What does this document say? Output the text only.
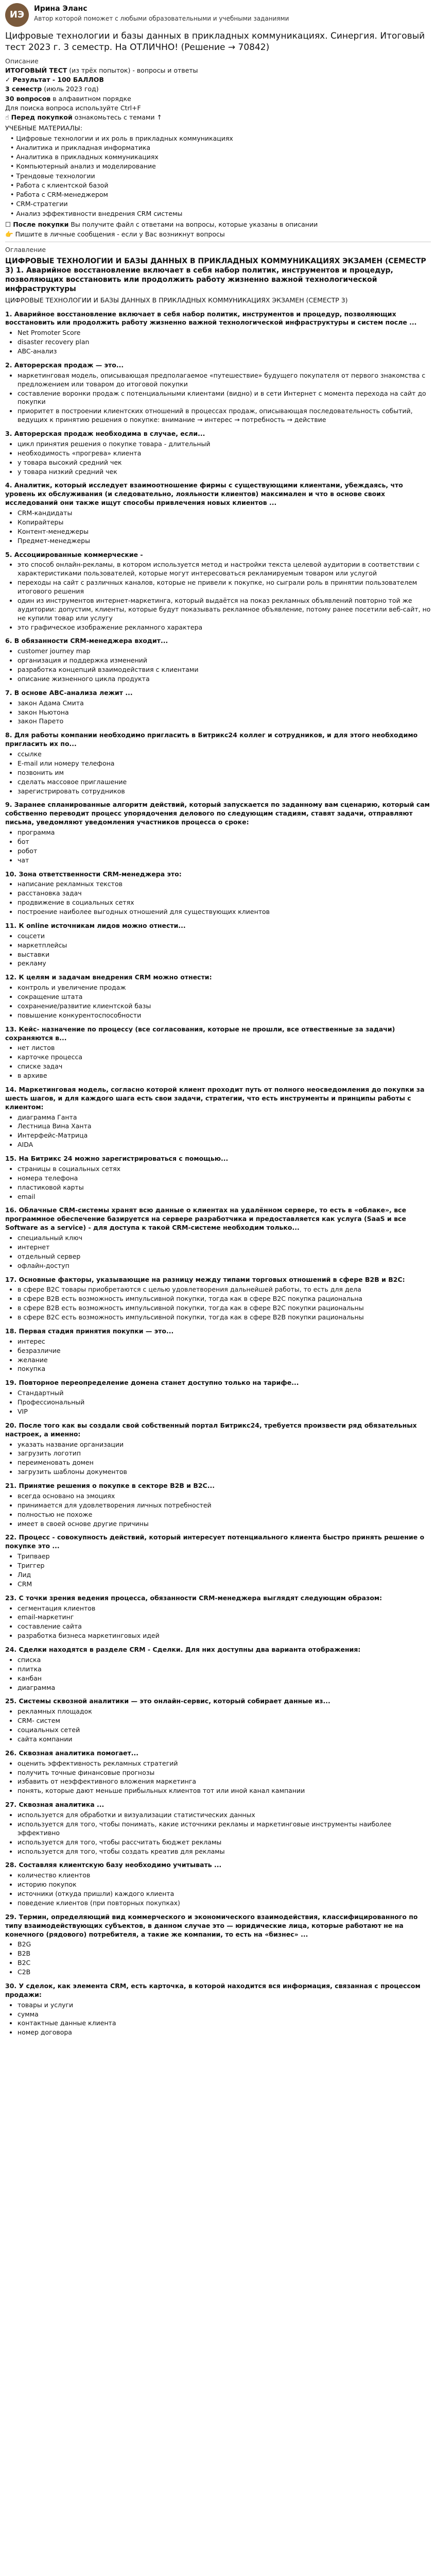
ИЭ
Ирина Эланс
Автор которой поможет с любыми образовательными и учебными заданиями
Цифровые технологии и базы данных в прикладных коммуникациях. Синергия. Итоговый тест 2023 г. 3 семестр. На ОТЛИЧНО! (Решение → 70842)
Описание
ИТОГОВЫЙ ТЕСТ (из трёх попыток) - вопросы и ответы
✓ Результат - 100 БАЛЛОВ
3 семестр (июль 2023 год)
30 вопросов в алфавитном порядке
Для поиска вопроса используйте Ctrl+F
☝ Перед покупкой ознакомьтесь с темами ↑
УЧЕБНЫЕ МАТЕРИАЛЫ:
• Цифровые технологии и их роль в прикладных коммуникациях
• Аналитика и прикладная информатика
• Аналитика в прикладных коммуникациях
• Компьютерный анализ и моделирование
• Трендовые технологии
• Работа с клиентской базой
• Работа с CRM-менеджером
• CRM-стратегии
• Анализ эффективности внедрения CRM системы
☐ После покупки Вы получите файл с ответами на вопросы, которые указаны в описании
👉 Пишите в личные сообщения - если у Вас возникнут вопросы
Оглавление
ЦИФРОВЫЕ ТЕХНОЛОГИИ И БАЗЫ ДАННЫХ В ПРИКЛАДНЫХ КОММУНИКАЦИЯХ ЭКЗАМЕН (СЕМЕСТР 3) 1. Аварийное восстановление включает в себя набор политик, инструментов и процедур, позволяющих восстановить или продолжить работу жизненно важной технологической инфраструктуры
ЦИФРОВЫЕ ТЕХНОЛОГИИ И БАЗЫ ДАННЫХ В ПРИКЛАДНЫХ КОММУНИКАЦИЯХ ЭКЗАМЕН (СЕМЕСТР 3)
1. Аварийное восстановление включает в себя набор политик, инструментов и процедур, позволяющих восстановить или продолжить работу жизненно важной технологической инфраструктуры и систем после ...
• Net Promoter Score
• disaster recovery plan
• ABC-анализ
2. Авторерская продаж — это...
• маркетинговая модель, описывающая предполагаемое «путешествие» будущего покупателя от первого знакомства с предложением или товаром до итоговой покупки
• составление воронки продаж с потенциальными клиентами (видно) и в сети Интернет с момента перехода на сайт до покупки
• приоритет в построении клиентских отношений в процессах продаж, описывающая последовательность событий, ведущих к принятию решения о покупке: внимание → интерес → потребность → действие
3. Авторерская продаж необходима в случае, если...
• цикл принятия решения о покупке товара - длительный
• необходимость «прогрева» клиента
• у товара высокий средний чек
• у товара низкий средний чек
4. Аналитик, который исследует взаимоотношение фирмы с существующими клиентами, убеждаясь, что уровень их обслуживания (и следовательно, лояльности клиентов) максимален и что в основе своих исследований они также ищут способы привлечения новых клиентов ...
• CRM-кандидаты
• Копирайтеры
• Контент-менеджеры
• Предмет-менеджеры
5. Ассоциированные коммерческие -
• это способ онлайн-рекламы, в котором используется метод и настройки текста целевой аудитории в соответствии с характеристиками пользователей, которые могут интересоваться рекламируемым товаром или услугой
• переходы на сайт с различных каналов, которые не привели к покупке, но сыграли роль в принятии пользователем итогового решения
• один из инструментов интернет-маркетинга, который выдаётся на показ рекламных объявлений повторно той же аудитории: допустим, клиенты, которые будут показывать рекламное объявление, потому ранее посетили веб-сайт, но не купили товар или услугу
• это графическое изображение рекламного характера
6. В обязанности CRM-менеджера входит...
• customer journey map
• организация и поддержка изменений
• разработка концепций взаимодействия с клиентами
• описание жизненного цикла продукта
7. В основе ABC-анализа лежит ...
• закон Адама Смита
• закон Ньютона
• закон Парето
8. Для работы компании необходимо пригласить в Битрикс24 коллег и сотрудников, и для этого необходимо пригласить их по...
• ссылке
• E-mail или номеру телефона
• позвонить им
• сделать массовое приглашение
• зарегистрировать сотрудников
9. Заранее спланированные алгоритм действий, который запускается по заданному вам сценарию, который сам собственно переводит процесс упорядочения делового по следующим стадиям, ставят задачи, отправляют письма, уведомляют уведомления участников процесса о сроке:
• программа
• бот
• робот
• чат
10. Зона ответственности CRM-менеджера это:
• написание рекламных текстов
• расстановка задач
• продвижение в социальных сетях
• построение наиболее выгодных отношений для существующих клиентов
11. К online источникам лидов можно отнести...
• соцсети
• маркетплейсы
• выставки
• рекламу
12. К целям и задачам внедрения CRM можно отнести:
• контроль и увеличение продаж
• сокращение штата
• сохранение/развитие клиентской базы
• повышение конкурентоспособности
13. Кейс- назначение по процессу (все согласования, которые не прошли, все отвественные за задачи) сохраняются в...
• нет листов
• карточке процесса
• списке задач
• в архиве
14. Маркетинговая модель, согласно которой клиент проходит путь от полного неосведомления до покупки за шесть шагов, и для каждого шага есть свои задачи, стратегии, что есть инструменты и принципы работы с клиентом:
• диаграмма Ганта
• Лестница Вина Ханта
• Интерфейс-Матрица
• AIDA
15. На Битрикс 24 можно зарегистрироваться с помощью...
• страницы в социальных сетях
• номера телефона
• пластиковой карты
• email
16. Облачные CRM-системы хранят всю данные о клиентах на удалённом сервере, то есть в «облаке», все программное обеспечение базируется на сервере разработчика и предоставляется как услуга (SaaS и все Software as a service) - для доступа к такой CRM-системе необходим только...
• специальный ключ
• интернет
• отдельный сервер
• офлайн-доступ
17. Основные факторы, указывающие на разницу между типами торговых отношений в сфере B2B и B2C:
• в сфере B2C товары приобретаются с целью удовлетворения дальнейшей работы, то есть для дела
• в сфере B2B есть возможность импульсивной покупки, тогда как в сфере B2C покупка рациональна
• в сфере B2B есть возможность импульсивной покупки, тогда как в сфере B2C покупки рациональны
• в сфере B2C есть возможность импульсивной покупки, тогда как в сфере B2B покупки рациональны
18. Первая стадия принятия покупки — это...
• интерес
• безразличие
• желание
• покупка
19. Повторное переопределение домена станет доступно только на тарифе...
• Стандартный
• Профессиональный
• VIP
20. После того как вы создали свой собственный портал Битрикс24, требуется произвести ряд обязательных настроек, а именно:
• указать название организации
• загрузить логотип
• переименовать домен
• загрузить шаблоны документов
21. Принятие решения о покупке в секторе B2B и B2C...
• всегда основано на эмоциях
• принимается для удовлетворения личных потребностей
• полностью не похоже
• имеет в своей основе другие причины
22. Процесс - совокупность действий, который интересует потенциального клиента быстро принять решение о покупке это ...
• Трипваер
• Триггер
• Лид
• CRM
23. С точки зрения ведения процесса, обязанности CRM-менеджера выглядят следующим образом:
• сегментация клиентов
• email-маркетинг
• составление сайта
• разработка бизнеса маркетинговых идей
24. Сделки находятся в разделе CRM - Сделки. Для них доступны два варианта отображения:
• списка
• плитка
• канбан
• диаграмма
25. Системы сквозной аналитики — это онлайн-сервис, который собирает данные из...
• рекламных площадок
• CRM- систем
• социальных сетей
• сайта компании
26. Сквозная аналитика помогает...
• оценить эффективность рекламных стратегий
• получить точные финансовые прогнозы
• избавить от неэффективного вложения маркетинга
• понять, которые дают меньше прибыльных клиентов тот или иной канал кампании
27. Сквозная аналитика ...
• используется для обработки и визуализации статистических данных
• используется для того, чтобы понимать, какие источники рекламы и маркетинговые инструменты наиболее эффективно
• используется для того, чтобы рассчитать бюджет рекламы
• используется для того, чтобы создать креатив для рекламы
28. Составляя клиентскую базу необходимо учитывать ...
• количество клиентов
• историю покупок
• источники (откуда пришли) каждого клиента
• поведение клиентов (при повторных покупках)
29. Термин, определяющий вид коммерческого и экономического взаимодействия, классифицированного по типу взаимодействующих субъектов, в данном случае это — юридические лица, которые работают не на конечного (рядового) потребителя, а такие же компании, то есть на «бизнес» ...
• B2G
• B2B
• B2C
• C2B
30. У сделок, как элемента CRM, есть карточка, в которой находится вся информация, связанная с процессом продажи:
• товары и услуги
• сумма
• контактные данные клиента
• номер договора
